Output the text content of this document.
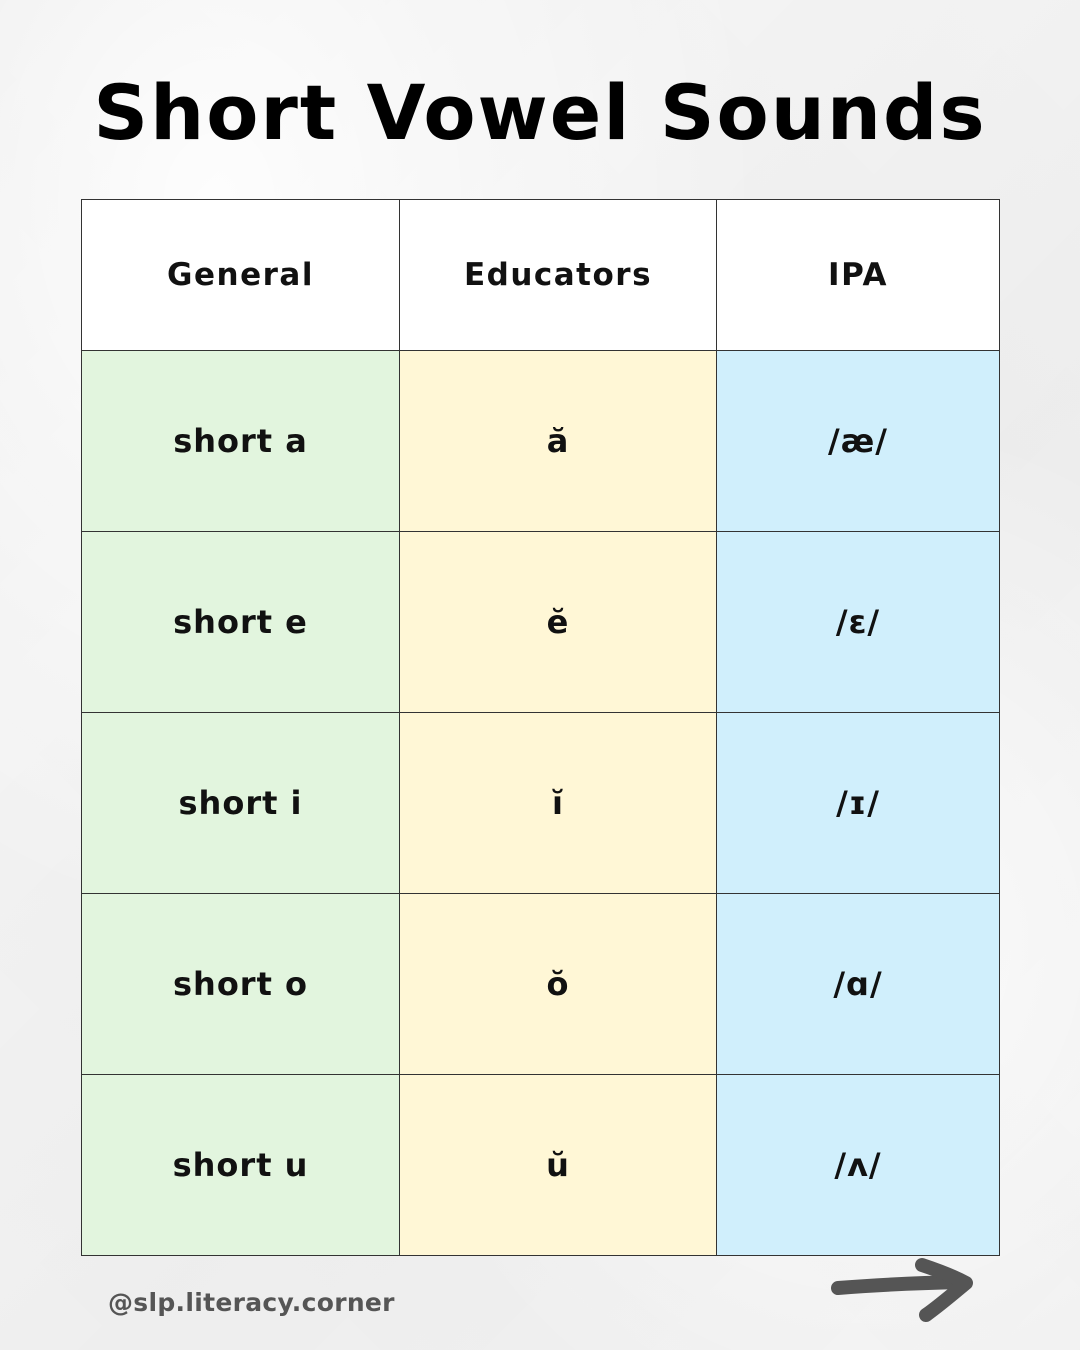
Short Vowel Sounds
General	Educators	IPA
short a	ă	/æ/
short e	ĕ	/ɛ/
short i	ĭ	/ɪ/
short o	ŏ	/ɑ/
short u	ŭ	/ʌ/
@slp.literacy.corner
